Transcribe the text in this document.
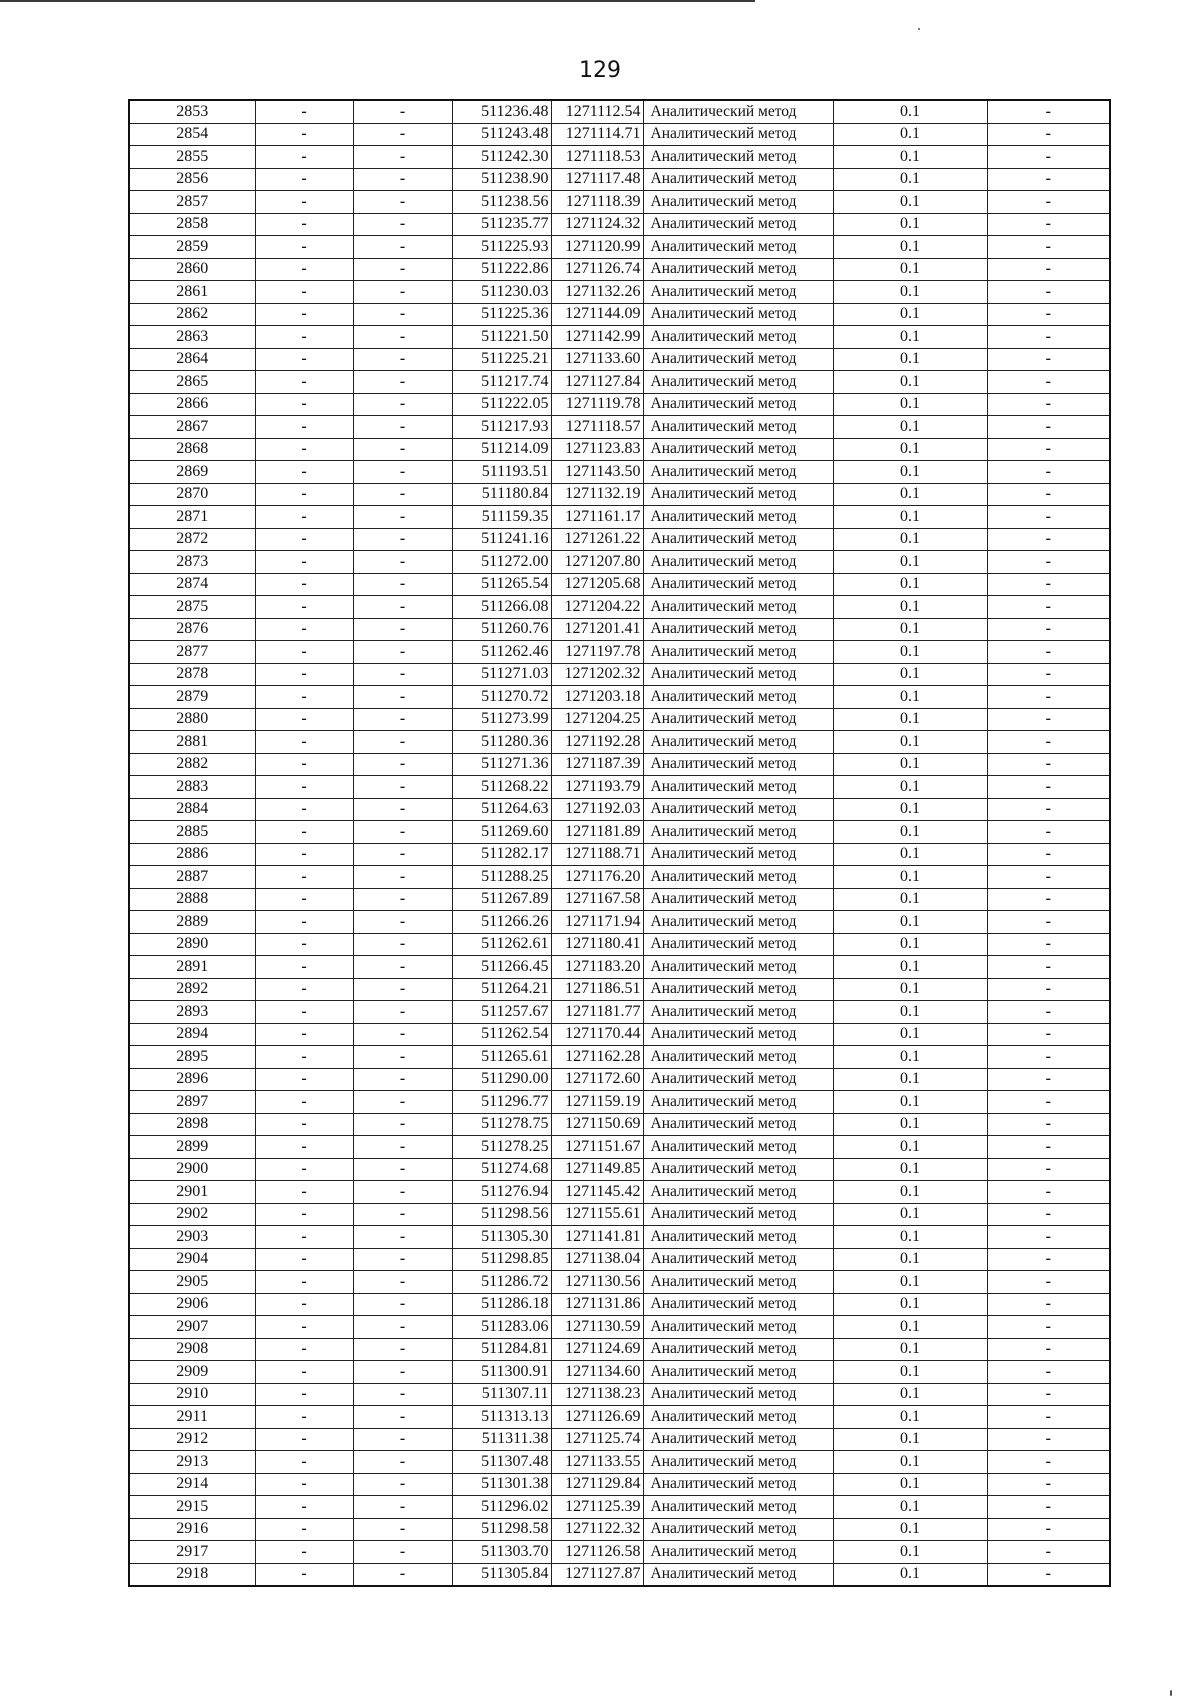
129
2853	-	-	511236.48	1271112.54	Аналитический метод	0.1	-
2854	-	-	511243.48	1271114.71	Аналитический метод	0.1	-
2855	-	-	511242.30	1271118.53	Аналитический метод	0.1	-
2856	-	-	511238.90	1271117.48	Аналитический метод	0.1	-
2857	-	-	511238.56	1271118.39	Аналитический метод	0.1	-
2858	-	-	511235.77	1271124.32	Аналитический метод	0.1	-
2859	-	-	511225.93	1271120.99	Аналитический метод	0.1	-
2860	-	-	511222.86	1271126.74	Аналитический метод	0.1	-
2861	-	-	511230.03	1271132.26	Аналитический метод	0.1	-
2862	-	-	511225.36	1271144.09	Аналитический метод	0.1	-
2863	-	-	511221.50	1271142.99	Аналитический метод	0.1	-
2864	-	-	511225.21	1271133.60	Аналитический метод	0.1	-
2865	-	-	511217.74	1271127.84	Аналитический метод	0.1	-
2866	-	-	511222.05	1271119.78	Аналитический метод	0.1	-
2867	-	-	511217.93	1271118.57	Аналитический метод	0.1	-
2868	-	-	511214.09	1271123.83	Аналитический метод	0.1	-
2869	-	-	511193.51	1271143.50	Аналитический метод	0.1	-
2870	-	-	511180.84	1271132.19	Аналитический метод	0.1	-
2871	-	-	511159.35	1271161.17	Аналитический метод	0.1	-
2872	-	-	511241.16	1271261.22	Аналитический метод	0.1	-
2873	-	-	511272.00	1271207.80	Аналитический метод	0.1	-
2874	-	-	511265.54	1271205.68	Аналитический метод	0.1	-
2875	-	-	511266.08	1271204.22	Аналитический метод	0.1	-
2876	-	-	511260.76	1271201.41	Аналитический метод	0.1	-
2877	-	-	511262.46	1271197.78	Аналитический метод	0.1	-
2878	-	-	511271.03	1271202.32	Аналитический метод	0.1	-
2879	-	-	511270.72	1271203.18	Аналитический метод	0.1	-
2880	-	-	511273.99	1271204.25	Аналитический метод	0.1	-
2881	-	-	511280.36	1271192.28	Аналитический метод	0.1	-
2882	-	-	511271.36	1271187.39	Аналитический метод	0.1	-
2883	-	-	511268.22	1271193.79	Аналитический метод	0.1	-
2884	-	-	511264.63	1271192.03	Аналитический метод	0.1	-
2885	-	-	511269.60	1271181.89	Аналитический метод	0.1	-
2886	-	-	511282.17	1271188.71	Аналитический метод	0.1	-
2887	-	-	511288.25	1271176.20	Аналитический метод	0.1	-
2888	-	-	511267.89	1271167.58	Аналитический метод	0.1	-
2889	-	-	511266.26	1271171.94	Аналитический метод	0.1	-
2890	-	-	511262.61	1271180.41	Аналитический метод	0.1	-
2891	-	-	511266.45	1271183.20	Аналитический метод	0.1	-
2892	-	-	511264.21	1271186.51	Аналитический метод	0.1	-
2893	-	-	511257.67	1271181.77	Аналитический метод	0.1	-
2894	-	-	511262.54	1271170.44	Аналитический метод	0.1	-
2895	-	-	511265.61	1271162.28	Аналитический метод	0.1	-
2896	-	-	511290.00	1271172.60	Аналитический метод	0.1	-
2897	-	-	511296.77	1271159.19	Аналитический метод	0.1	-
2898	-	-	511278.75	1271150.69	Аналитический метод	0.1	-
2899	-	-	511278.25	1271151.67	Аналитический метод	0.1	-
2900	-	-	511274.68	1271149.85	Аналитический метод	0.1	-
2901	-	-	511276.94	1271145.42	Аналитический метод	0.1	-
2902	-	-	511298.56	1271155.61	Аналитический метод	0.1	-
2903	-	-	511305.30	1271141.81	Аналитический метод	0.1	-
2904	-	-	511298.85	1271138.04	Аналитический метод	0.1	-
2905	-	-	511286.72	1271130.56	Аналитический метод	0.1	-
2906	-	-	511286.18	1271131.86	Аналитический метод	0.1	-
2907	-	-	511283.06	1271130.59	Аналитический метод	0.1	-
2908	-	-	511284.81	1271124.69	Аналитический метод	0.1	-
2909	-	-	511300.91	1271134.60	Аналитический метод	0.1	-
2910	-	-	511307.11	1271138.23	Аналитический метод	0.1	-
2911	-	-	511313.13	1271126.69	Аналитический метод	0.1	-
2912	-	-	511311.38	1271125.74	Аналитический метод	0.1	-
2913	-	-	511307.48	1271133.55	Аналитический метод	0.1	-
2914	-	-	511301.38	1271129.84	Аналитический метод	0.1	-
2915	-	-	511296.02	1271125.39	Аналитический метод	0.1	-
2916	-	-	511298.58	1271122.32	Аналитический метод	0.1	-
2917	-	-	511303.70	1271126.58	Аналитический метод	0.1	-
2918	-	-	511305.84	1271127.87	Аналитический метод	0.1	-
